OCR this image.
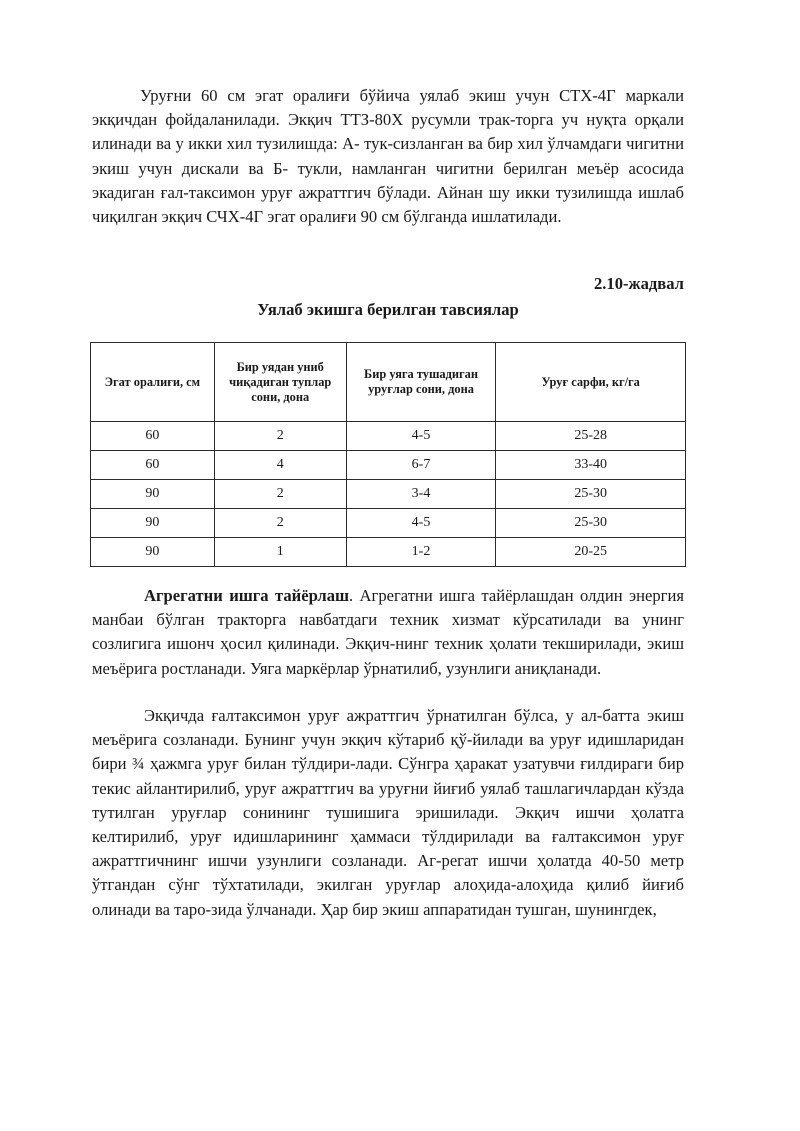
Уруғни 60 см эгат оралиғи бўйича уялаб экиш учун СТХ-4Г маркали экқичдан фойдаланилади. Экқич ТТЗ-80Х русумли трак-торга уч нуқта орқали илинади ва у икки хил тузилишда: А- тук-сизланган ва бир хил ўлчамдаги чигитни экиш учун дискали ва Б- тукли, намланган чигитни берилган меъёр асосида экадиган ғал-таксимон уруғ ажраттгич бўлади. Айнан шу икки тузилишда ишлаб чиқилган экқич СЧХ-4Г эгат оралиғи 90 см бўлганда ишлатилади.

2.10-жадвал
Уялаб экишга берилган тавсиялар
Эгат оралиғи, см	Бир уядан униб чиқадиган туплар сони, дона	Бир уяга тушадиган уруғлар сони, дона	Уруғ сарфи, кг/га
60	2	4-5	25-28
60	4	6-7	33-40
90	2	3-4	25-30
90	2	4-5	25-30
90	1	1-2	20-25

Агрегатни ишга тайёрлаш. Агрегатни ишга тайёрлашдан олдин энергия манбаи бўлган тракторга навбатдаги техник хизмат кўрсатилади ва унинг созлигига ишонч ҳосил қилинади. Экқич-нинг техник ҳолати текширилади, экиш меъёрига ростланади. Уяга маркёрлар ўрнатилиб, узунлиги аниқланади.

Экқичда ғалтаксимон уруғ ажраттгич ўрнатилган бўлса, у ал-батта экиш меъёрига созланади. Бунинг учун экқич кўтариб қў-йилади ва уруғ идишларидан бири ¾ ҳажмга уруғ билан тўлдири-лади. Сўнгра ҳаракат узатувчи ғилдираги бир текис айлантирилиб, уруғ ажраттгич ва уруғни йиғиб уялаб ташлагичлардан кўзда тутилган уруғлар сонининг тушишига эришилади. Экқич ишчи ҳолатга келтирилиб, уруғ идишларининг ҳаммаси тўлдирилади ва ғалтаксимон уруғ ажраттгичнинг ишчи узунлиги созланади. Аг-регат ишчи ҳолатда 40-50 метр ўтгандан сўнг тўхтатилади, экилган уруғлар алоҳида-алоҳида қилиб йиғиб олинади ва таро-зида ўлчанади. Ҳар бир экиш аппаратидан тушган, шунингдек,
